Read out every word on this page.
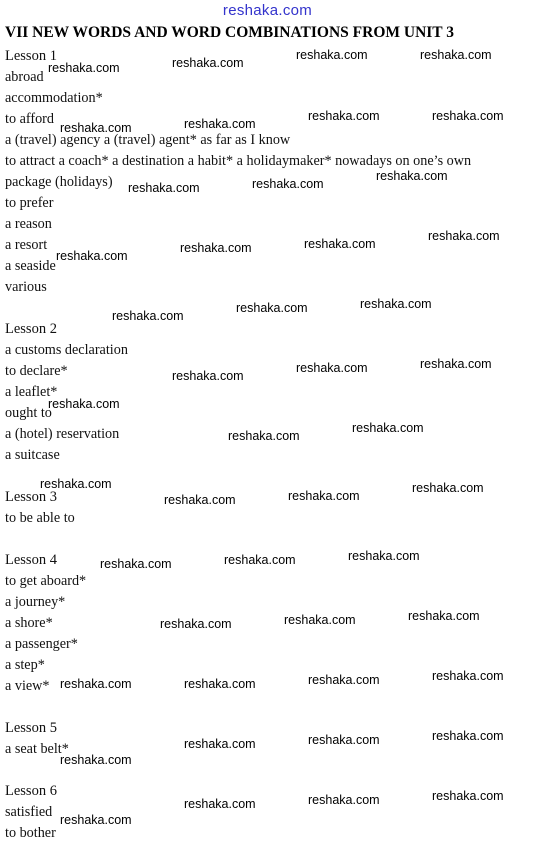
reshaka.com
VII NEW WORDS AND WORD COMBINATIONS FROM UNIT 3
Lesson 1
abroad
accommodation*
to afford
a (travel) agency a (travel) agent* as far as I know
to attract a coach* a destination a habit* a holidaymaker* nowadays on one’s own
package (holidays)
to prefer
a reason
a resort
a seaside
various
Lesson 2
a customs declaration
to declare*
a leaflet*
ought to
a (hotel) reservation
a suitcase
Lesson 3
to be able to
Lesson 4
to get aboard*
a journey*
a shore*
a passenger*
a step*
a view*
Lesson 5
a seat belt*
Lesson 6
satisfied
to bother
reshaka.com	reshaka.com
reshaka.com	reshaka.com
reshaka.com
reshaka.com	reshaka.com
reshaka.com
reshaka.com	reshaka.com
reshaka.com
reshaka.com	reshaka.com
reshaka.com
reshaka.com
reshaka.com
reshaka.com	reshaka.com
reshaka.com
reshaka.com	reshaka.com
reshaka.com
reshaka.com
reshaka.com
reshaka.com
reshaka.com	reshaka.com
reshaka.com
reshaka.com	reshaka.com	reshaka.com
reshaka.com	reshaka.com	reshaka.com
reshaka.com	reshaka.com	reshaka.com	reshaka.com
reshaka.com	reshaka.com	reshaka.com
reshaka.com
reshaka.com	reshaka.com	reshaka.com
reshaka.com
